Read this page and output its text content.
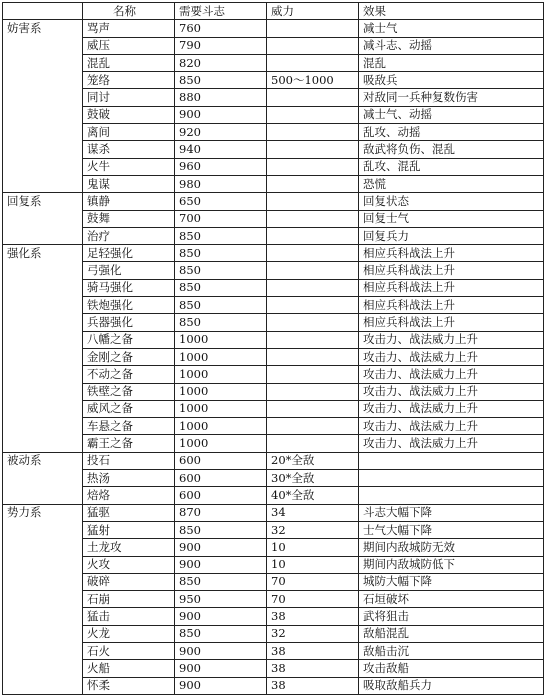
	名称	需要斗志	威力	效果
妨害系	骂声	760		减士气
	威压	790		减斗志、动摇
	混乱	820		混乱
	笼络	850	500～1000	吸敌兵
	同讨	880		对敌同一兵种复数伤害
	鼓破	900		减士气、动摇
	离间	920		乱攻、动摇
	谋杀	940		敌武将负伤、混乱
	火牛	960		乱攻、混乱
	鬼谋	980		恐慌
回复系	镇静	650		回复状态
	鼓舞	700		回复士气
	治疗	850		回复兵力
强化系	足轻强化	850		相应兵科战法上升
	弓强化	850		相应兵科战法上升
	骑马强化	850		相应兵科战法上升
	铁炮强化	850		相应兵科战法上升
	兵器强化	850		相应兵科战法上升
	八幡之备	1000		攻击力、战法威力上升
	金刚之备	1000		攻击力、战法威力上升
	不动之备	1000		攻击力、战法威力上升
	铁壁之备	1000		攻击力、战法威力上升
	威风之备	1000		攻击力、战法威力上升
	车悬之备	1000		攻击力、战法威力上升
	霸王之备	1000		攻击力、战法威力上升
被动系	投石	600	20*全敌	
	热汤	600	30*全敌	
	焙烙	600	40*全敌	
势力系	猛驱	870	34	斗志大幅下降
	猛射	850	32	士气大幅下降
	土龙攻	900	10	期间内敌城防无效
	火攻	900	10	期间内敌城防低下
	破碎	850	70	城防大幅下降
	石崩	950	70	石垣破坏
	猛击	900	38	武将狙击
	火龙	850	32	敌船混乱
	石火	900	38	敌船击沉
	火船	900	38	攻击敌船
	怀柔	900	38	吸取敌船兵力
